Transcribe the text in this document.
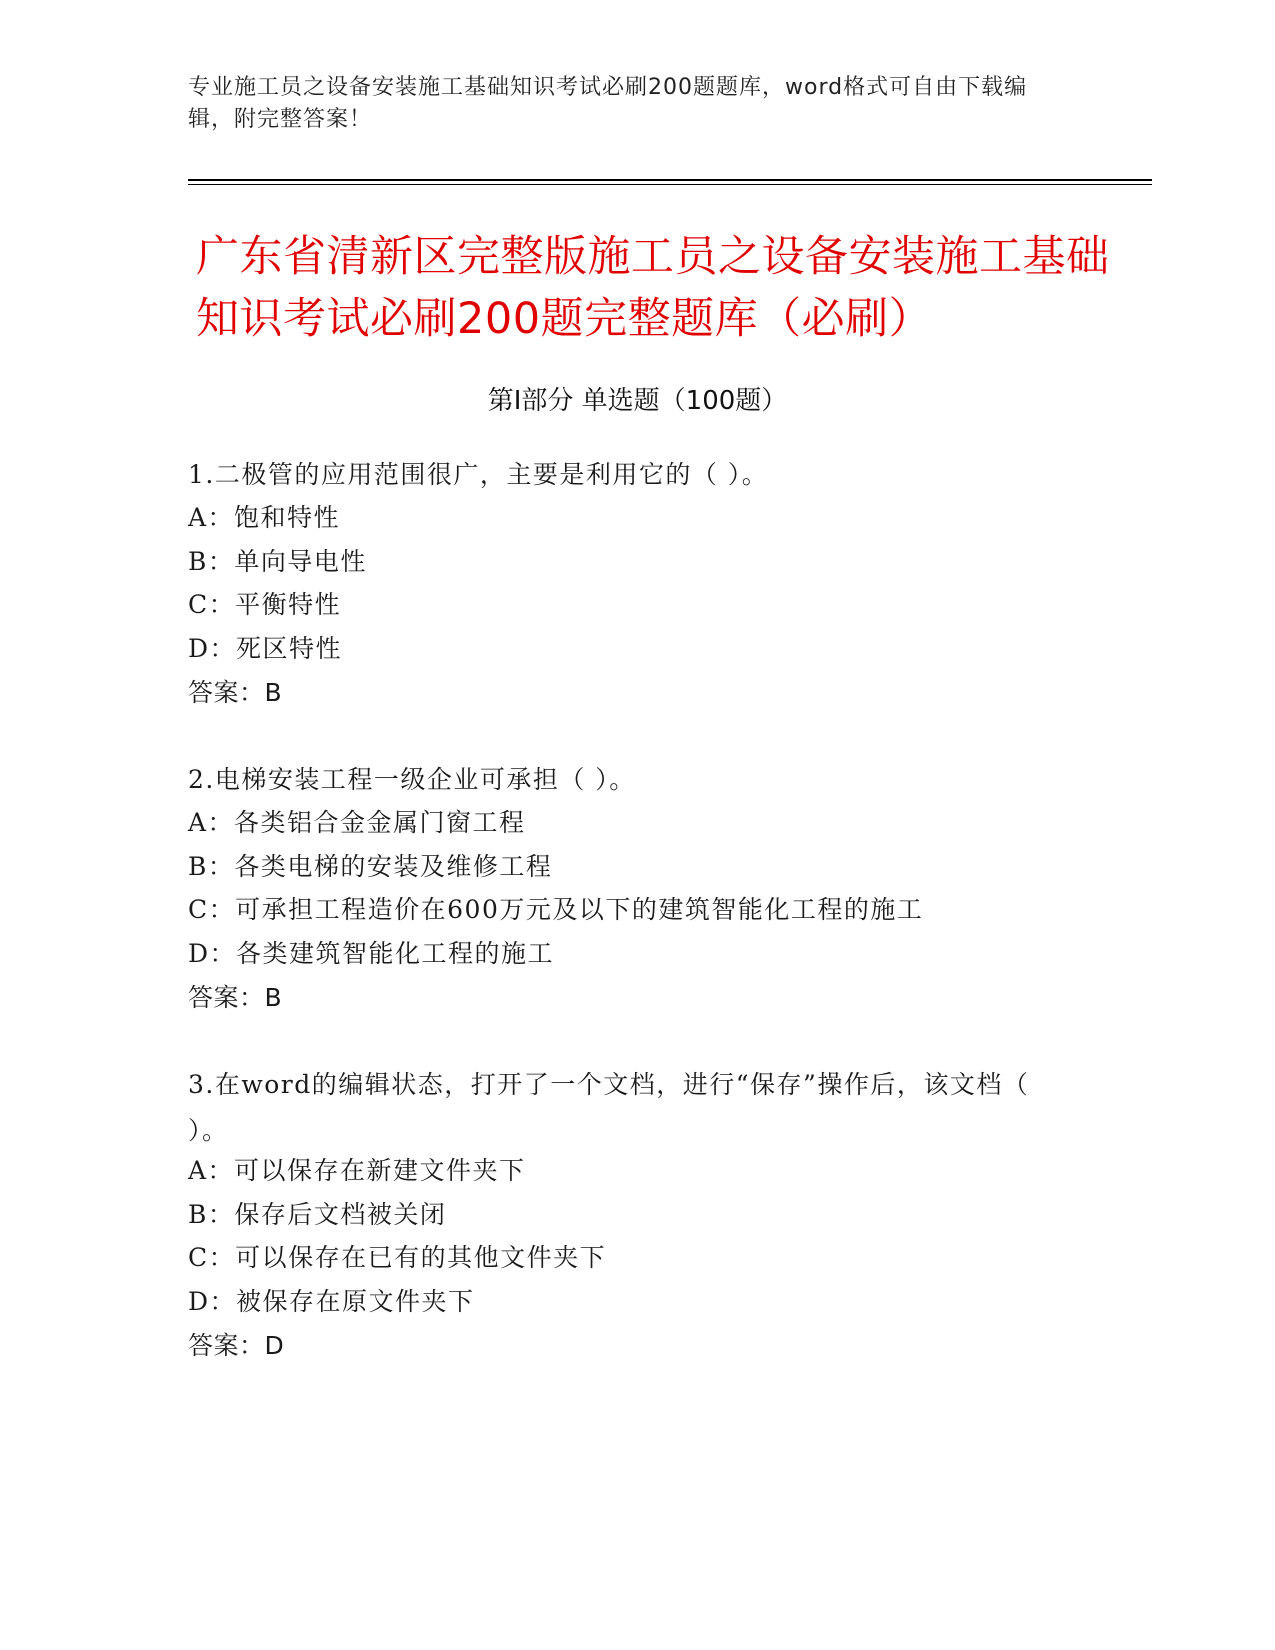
专业施工员之设备安装施工基础知识考试必刷200题题库，word格式可自由下载编辑，附完整答案！
广东省清新区完整版施工员之设备安装施工基础知识考试必刷200题完整题库（必刷）
第Ⅰ部分 单选题（100题）
1.二极管的应用范围很广，主要是利用它的（ ）。
A：饱和特性
B：单向导电性
C：平衡特性
D：死区特性
答案：B
2.电梯安装工程一级企业可承担（ ）。
A：各类铝合金金属门窗工程
B：各类电梯的安装及维修工程
C：可承担工程造价在600万元及以下的建筑智能化工程的施工
D：各类建筑智能化工程的施工
答案：B
3.在word的编辑状态，打开了一个文档，进行“保存”操作后，该文档（ ）。
A：可以保存在新建文件夹下
B：保存后文档被关闭
C：可以保存在已有的其他文件夹下
D：被保存在原文件夹下
答案：D
